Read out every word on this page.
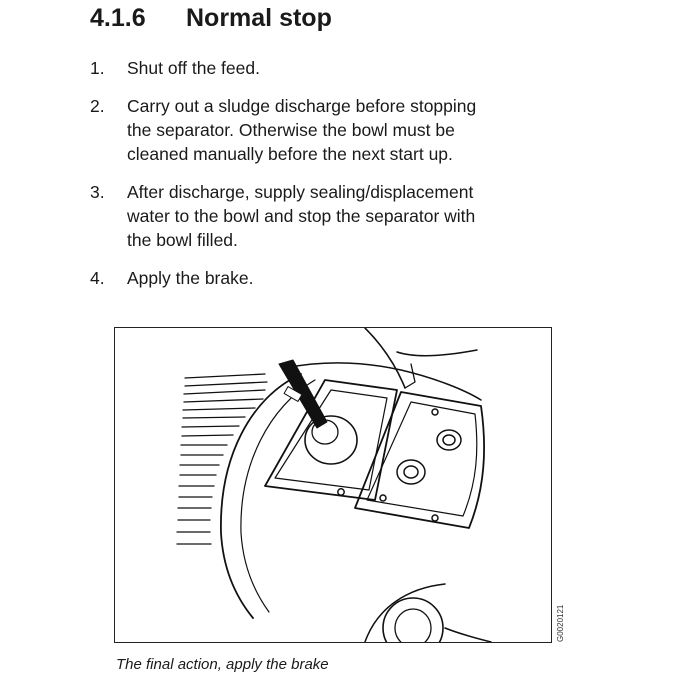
4.1.6 Normal stop
1. Shut off the feed.
2. Carry out a sludge discharge before stopping
the separator. Otherwise the bowl must be
cleaned manually before the next start up.
3. After discharge, supply sealing/displacement
water to the bowl and stop the separator with
the bowl filled.
4. Apply the brake.
G0020121
The final action, apply the brake
